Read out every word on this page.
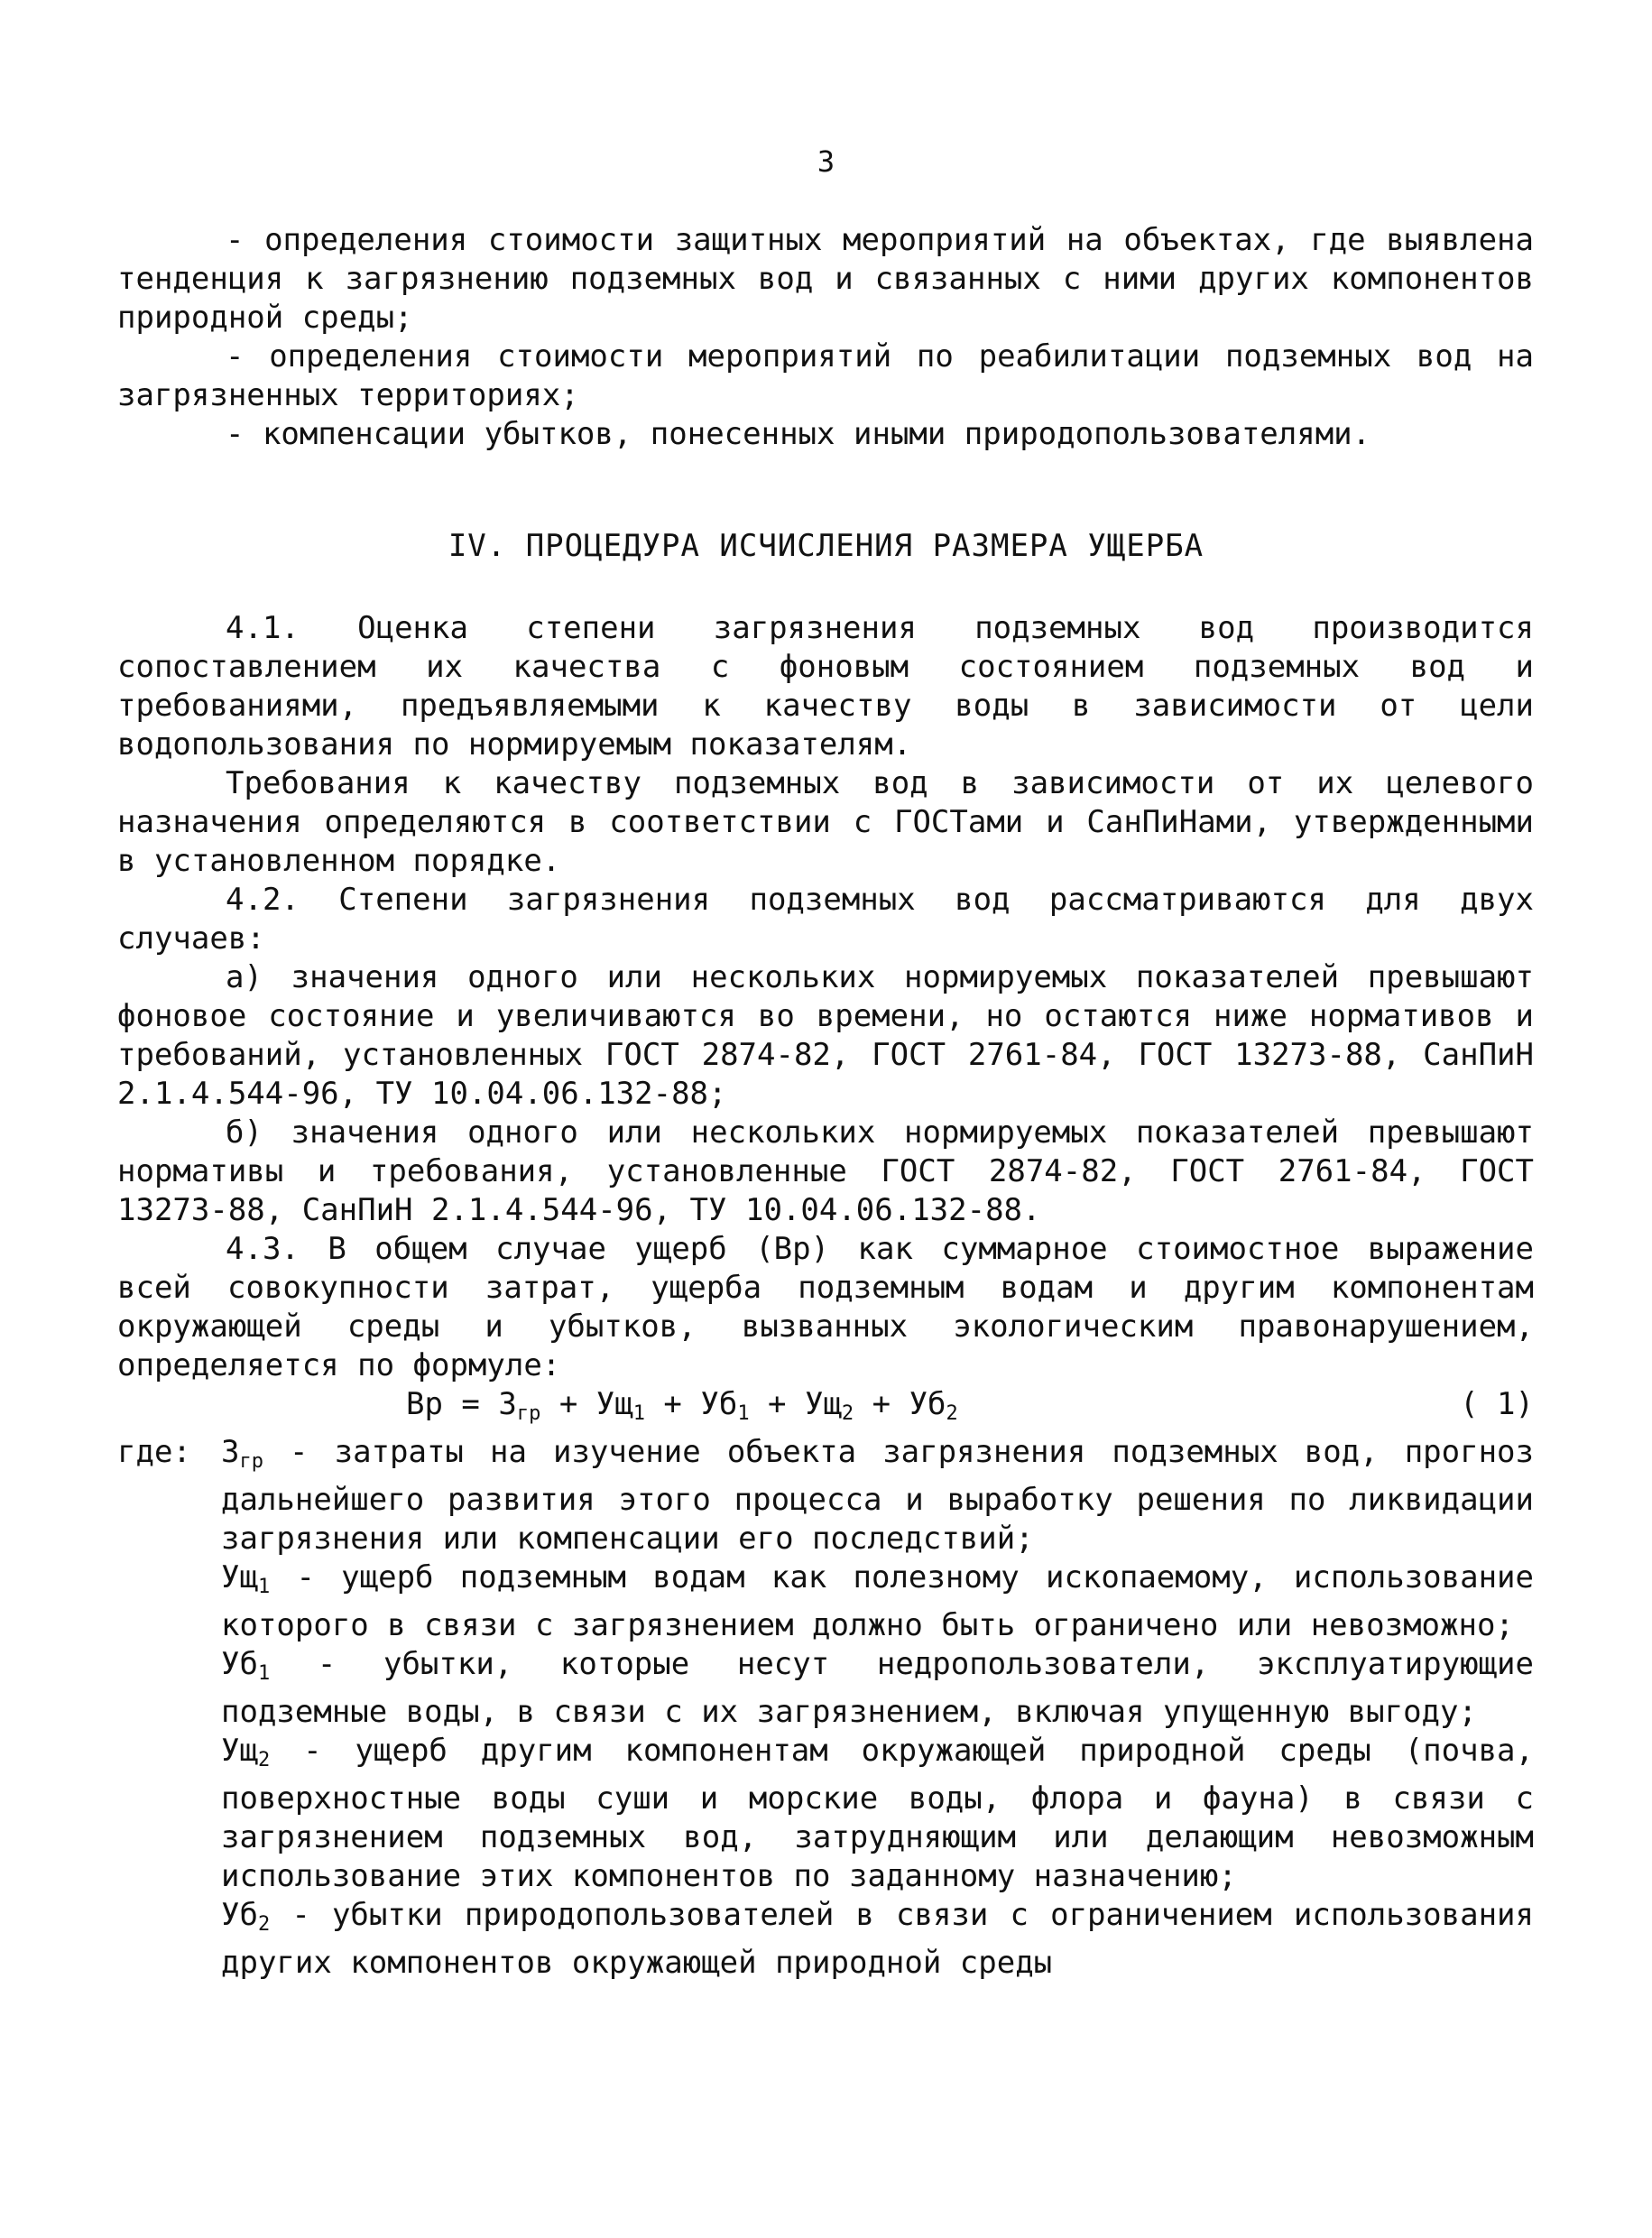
3

- определения стоимости защитных мероприятий на объектах, где выявлена тенденция к загрязнению подземных вод и связанных с ними других компонентов природной среды;

- определения стоимости мероприятий по реабилитации подземных вод на загрязненных территориях;

- компенсации убытков, понесенных иными природопользователями.

IV. ПРОЦЕДУРА ИСЧИСЛЕНИЯ РАЗМЕРА УЩЕРБА

4.1. Оценка степени загрязнения подземных вод производится сопоставлением их качества с фоновым состоянием подземных вод и требованиями, предъявляемыми к качеству воды в зависимости от цели водопользования по нормируемым показателям.

Требования к качеству подземных вод в зависимости от их целевого назначения определяются в соответствии с ГОСТами и СанПиНами, утвержденными в установленном порядке.

4.2. Степени загрязнения подземных вод рассматриваются для двух случаев:

а) значения одного или нескольких нормируемых показателей превышают фоновое состояние и увеличиваются во времени, но остаются ниже нормативов и требований, установленных ГОСТ 2874-82, ГОСТ 2761-84, ГОСТ 13273-88, СанПиН 2.1.4.544-96, ТУ 10.04.06.132-88;

б) значения одного или нескольких нормируемых показателей превышают нормативы и требования, установленные ГОСТ 2874-82, ГОСТ 2761-84, ГОСТ 13273-88, СанПиН 2.1.4.544-96, ТУ 10.04.06.132-88.

4.3. В общем случае ущерб (Вр) как суммарное стоимостное выражение всей совокупности затрат, ущерба подземным водам и другим компонентам окружающей среды и убытков, вызванных экологическим правонарушением, определяется по формуле:

Вр = $З_{гр} + Ущ_1 + Уб_1 + Ущ_2 + Уб_2$	( 1)
где: $З_{гр}$ - затраты на изучение объекта загрязнения подземных вод, прогноз дальнейшего развития этого процесса и выработку решения по ликвидации загрязнения или компенсации его последствий;

$Ущ_1$ - ущерб подземным водам как полезному ископаемому, использование которого в связи с загрязнением должно быть ограничено или невозможно;

$Уб_1$ - убытки, которые несут недропользователи, эксплуатирующие подземные воды, в связи с их загрязнением, включая упущенную выгоду;

$Ущ_2$ - ущерб другим компонентам окружающей природной среды (почва, поверхностные воды суши и морские воды, флора и фауна) в связи с загрязнением подземных вод, затрудняющим или делающим невозможным использование этих компонентов по заданному назначению;

$Уб_2$ - убытки природопользователей в связи с ограничением использования других компонентов окружающей природной среды
